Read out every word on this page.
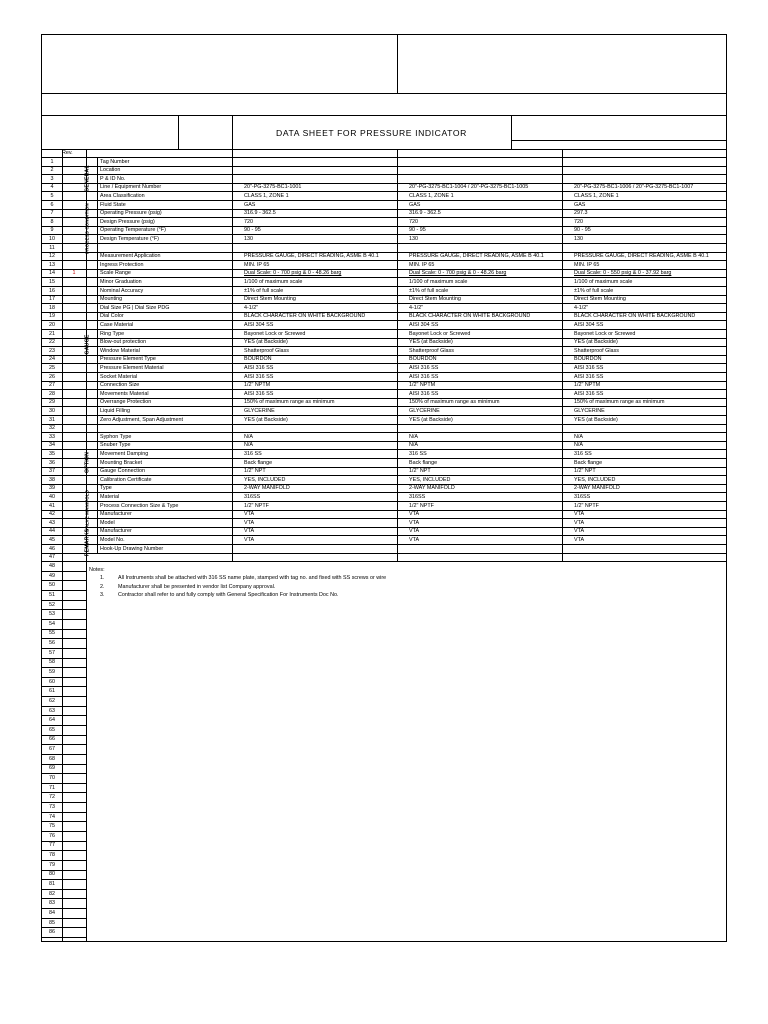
DATA SHEET FOR PRESSURE INDICATOR
Rev.
1	Tag Number
2	Location
3	P & ID No.
4	Line / Equipment Number	20"-PG-3275-BC1-1001	20"-PG-3275-BC1-1004 / 20"-PG-3275-BC1-1005	20"-PG-3275-BC1-1006 / 20"-PG-3275-BC1-1007
5	Area Classification	CLASS 1, ZONE 1	CLASS 1, ZONE 1	CLASS 1, ZONE 1
6	Fluid State	GAS	GAS	GAS
7	Operating Pressure (psig)	316.9 - 362.5	316.9 - 362.5	297.3
8	Design Pressure (psig)	720	720	720
9	Operating Temperature (°F)	90 - 95	90 - 95	90 - 95
10	Design Temperature (°F)	130	130	130
11
12	Measurement Application	PRESSURE GAUGE, DIRECT READING, ASME B 40.1	PRESSURE GAUGE, DIRECT READING, ASME B 40.1	PRESSURE GAUGE, DIRECT READING, ASME B 40.1
13	Ingress Protection	MIN. IP 65	MIN. IP 65	MIN. IP 65
14	1	Scale Range	Dual Scale: 0 - 700 psig & 0 - 48.26 barg	Dual Scale: 0 - 700 psig & 0 - 48.26 barg	Dual Scale: 0 - 550 psig & 0 - 37.92 barg
15	Minor Graduation	1/100 of maximum scale	1/100 of maximum scale	1/100 of maximum scale
16	Nominal Accuracy	±1% of full scale	±1% of full scale	±1% of full scale
17	Mounting	Direct Stem Mounting	Direct Stem Mounting	Direct Stem Mounting
18	Dial Size PG | Dial Size PDG	4-1/2"	4-1/2"	4-1/2"
19	Dial Color	BLACK CHARACTER ON WHITE BACKGROUND	BLACK CHARACTER ON WHITE BACKGROUND	BLACK CHARACTER ON WHITE BACKGROUND
20	Case Material	AISI 304 SS	AISI 304 SS	AISI 304 SS
21	Ring Type	Bayonet Lock or Screwed	Bayonet Lock or Screwed	Bayonet Lock or Screwed
22	Blow-out protection	YES (at Backside)	YES (at Backside)	YES (at Backside)
23	Window Material	Shatterproof Glass	Shatterproof Glass	Shatterproof Glass
24	Pressure Element Type	BOURDON	BOURDON	BOURDON
25	Pressure Element Material	AISI 316 SS	AISI 316 SS	AISI 316 SS
26	Socket Material	AISI 316 SS	AISI 316 SS	AISI 316 SS
27	Connection Size	1/2" NPTM	1/2" NPTM	1/2" NPTM
28	Movements Material	AISI 316 SS	AISI 316 SS	AISI 316 SS
29	Overrange Protection	150% of maximum range as minimum	150% of maximum range as minimum	150% of maximum range as minimum
30	Liquid Filling	GLYCERINE	GLYCERINE	GLYCERINE
31	Zero Adjustment, Span Adjustment	YES (at Backside)	YES (at Backside)	YES (at Backside)
32
33	Syphon Type	N/A	N/A	N/A
34	Snuber Type	N/A	N/A	N/A
35	Movement Damping	316 SS	316 SS	316 SS
36	Mounting Bracket	Back flange	Back flange	Back flange
37	Gauge Connection	1/2" NPT	1/2" NPT	1/2" NPT
38	Calibration Certificate	YES, INCLUDED	YES, INCLUDED	YES, INCLUDED
39	Type	2-WAY MANIFOLD	2-WAY MANIFOLD	2-WAY MANIFOLD
40	Material	316SS	316SS	316SS
41	Process Connection Size & Type	1/2" NPTF	1/2" NPTF	1/2" NPTF
42	Manufacturer	VTA	VTA	VTA
43	Model	VTA	VTA	VTA
44	Manufacturer	VTA	VTA	VTA
45	Model No.	VTA	VTA	VTA
46	Hook-Up Drawing Number
47
48
49
50
51
52
53
54
55
56
57
58
59
60
61
62
63
64
65
66
67
68
69
70
71
72
73
74
75
76
77
78
79
80
81
82
83
84
85
86
GENERAL
PROCESS CONDITION
GAUGE
OPTION
VALVE MANIFOLD
REMARKS
Notes:
1.	All Instruments shall be attached with 316 SS name plate, stamped with tag no. and fixed with SS screws or wire
2.	Manufacturer shall be presented in vendor list Company approval.
3.	Contractor shall refer to and fully comply with General Specification For Instruments Doc No.
